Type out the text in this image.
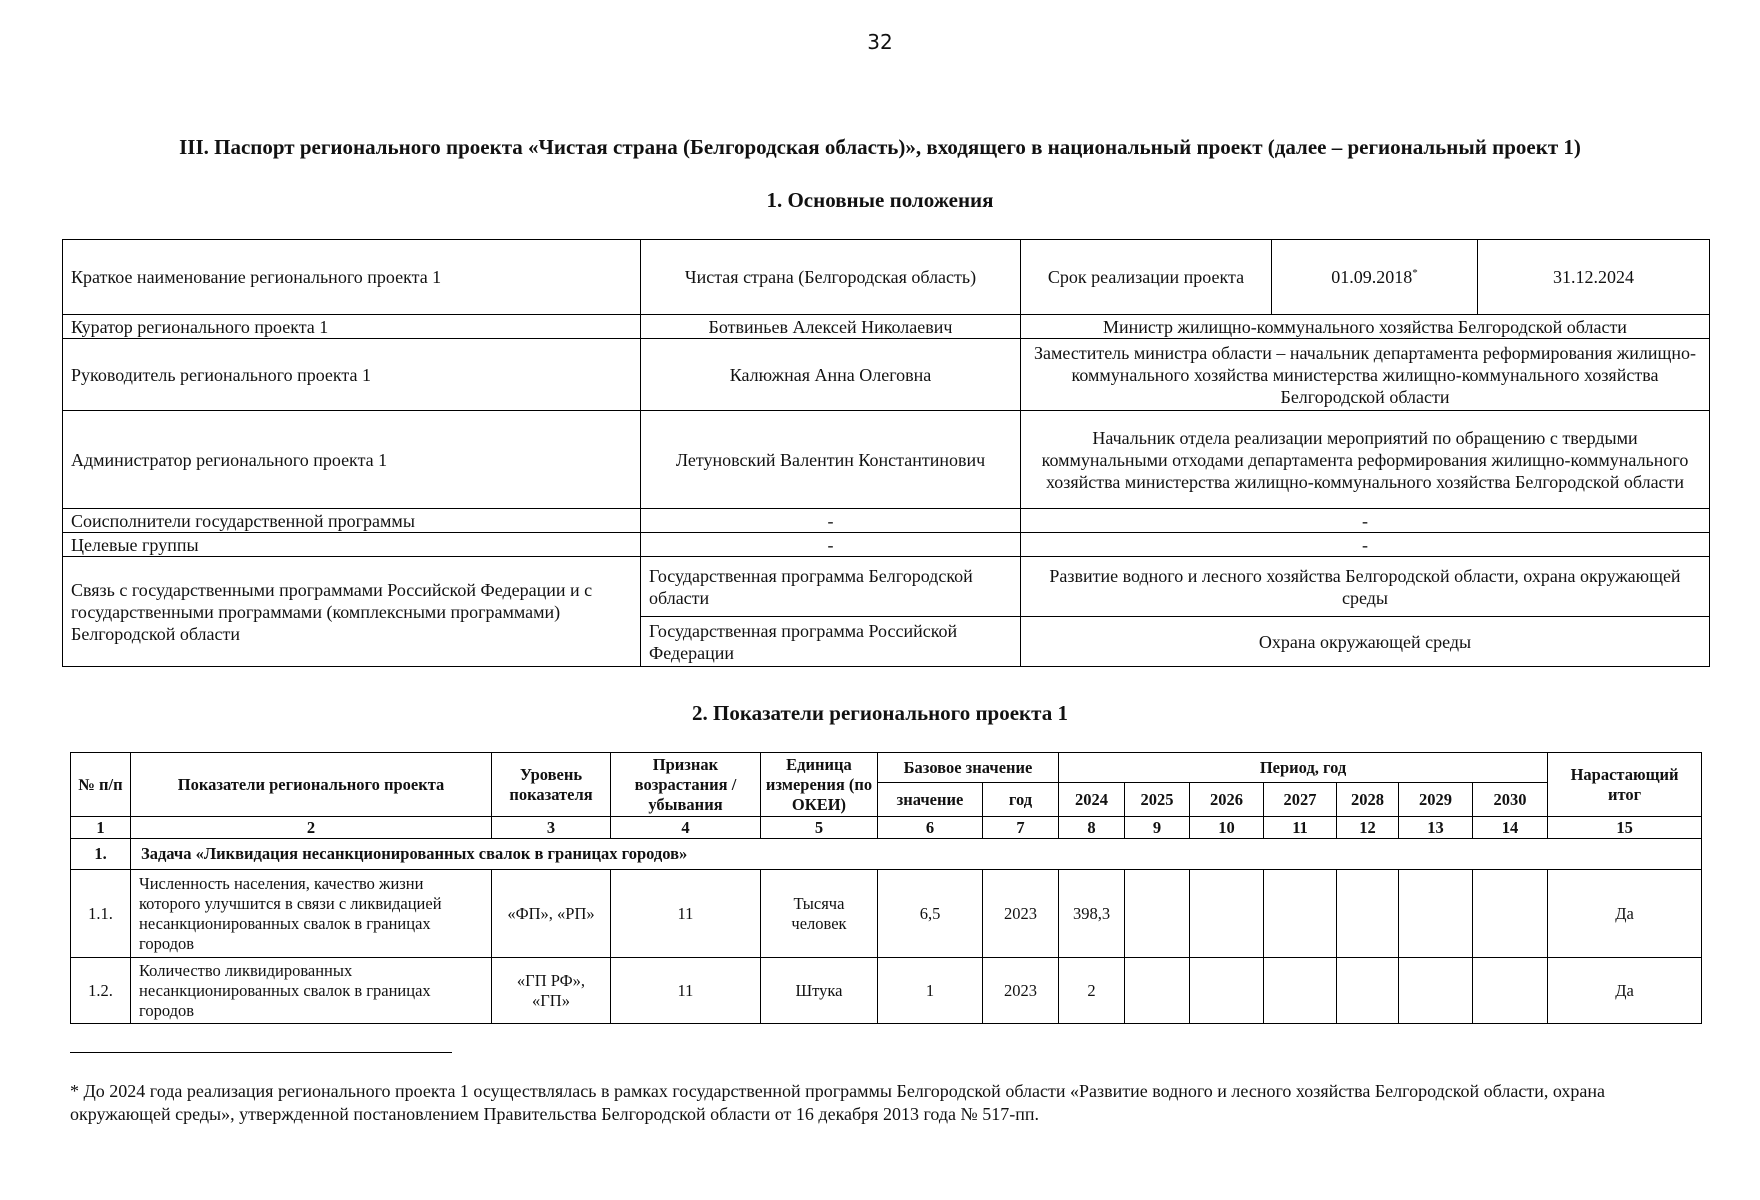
32
III. Паспорт регионального проекта «Чистая страна (Белгородская область)», входящего в национальный проект (далее – региональный проект 1)
1. Основные положения
Краткое наименование регионального проекта 1	Чистая страна (Белгородская область)	Срок реализации проекта	01.09.2018*	31.12.2024
Куратор регионального проекта 1	Ботвиньев Алексей Николаевич	Министр жилищно-коммунального хозяйства Белгородской области		
Руководитель регионального проекта 1	Калюжная Анна Олеговна	Заместитель министра области – начальник департамента реформирования жилищно-коммунального хозяйства министерства жилищно-коммунального хозяйства Белгородской области		
Администратор регионального проекта 1	Летуновский Валентин Константинович	Начальник отдела реализации мероприятий по обращению с твердыми коммунальными отходами департамента реформирования жилищно-коммунального хозяйства министерства жилищно-коммунального хозяйства Белгородской области		
Соисполнители государственной программы	-	-		
Целевые группы	-	-		
Связь с государственными программами Российской Федерации и с государственными программами (комплексными программами) Белгородской области	Государственная программа Белгородской области	Развитие водного и лесного хозяйства Белгородской области, охрана окружающей среды		
	Государственная программа Российской Федерации	Охрана окружающей среды		
2. Показатели регионального проекта 1
№ п/п	Показатели регионального проекта	Уровень показателя	Признак возрастания / убывания	Единица измерения (по ОКЕИ)	Базовое значение		Период, год							Нарастающий итог
					значение	год	2024	2025	2026	2027	2028	2029	2030	
1	2	3	4	5	6	7	8	9	10	11	12	13	14	15
1.	Задача «Ликвидация несанкционированных свалок в границах городов»													
1.1.	Численность населения, качество жизни которого улучшится в связи с ликвидацией несанкционированных свалок в границах городов	«ФП», «РП»	11	Тысяча человек	6,5	2023	398,3							Да
1.2.	Количество ликвидированных несанкционированных свалок в границах городов	«ГП РФ», «ГП»	11	Штука	1	2023	2							Да
* До 2024 года реализация регионального проекта 1 осуществлялась в рамках государственной программы Белгородской области «Развитие водного и лесного хозяйства Белгородской области, охрана окружающей среды», утвержденной постановлением Правительства Белгородской области от 16 декабря 2013 года № 517-пп.
